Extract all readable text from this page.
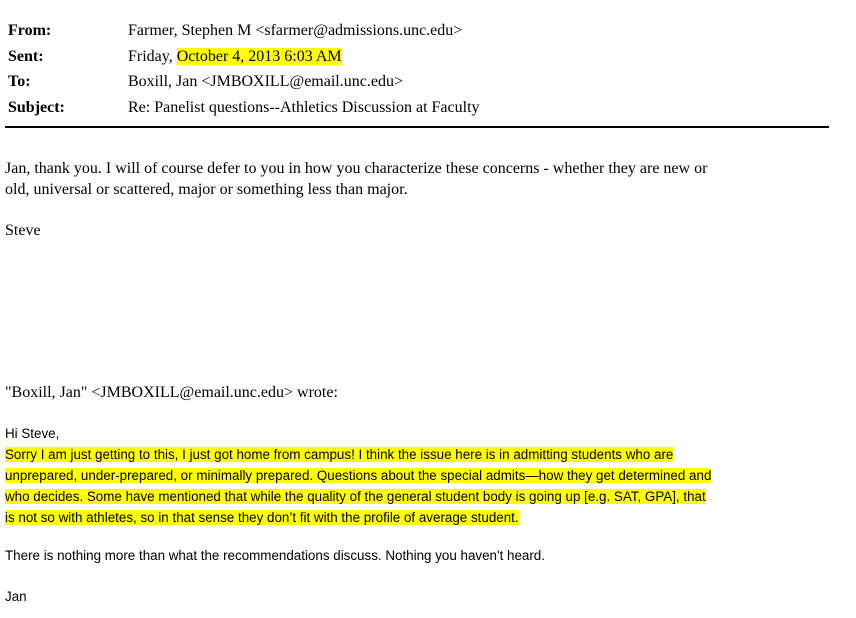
From:	Farmer, Stephen M <sfarmer@admissions.unc.edu>
Sent:	Friday, October 4, 2013 6:03 AM
To:	Boxill, Jan <JMBOXILL@email.unc.edu>
Subject:	Re: Panelist questions--Athletics Discussion at Faculty
Jan, thank you. I will of course defer to you in how you characterize these concerns - whether they are new or
old, universal or scattered, major or something less than major.
Steve
"Boxill, Jan" <JMBOXILL@email.unc.edu> wrote:
Hi Steve,
Sorry I am just getting to this, I just got home from campus! I think the issue here is in admitting students who are
unprepared, under-prepared, or minimally prepared. Questions about the special admits—how they get determined and
who decides. Some have mentioned that while the quality of the general student body is going up [e.g. SAT, GPA], that
is not so with athletes, so in that sense they don’t fit with the profile of average student.
There is nothing more than what the recommendations discuss. Nothing you haven't heard.
Jan
